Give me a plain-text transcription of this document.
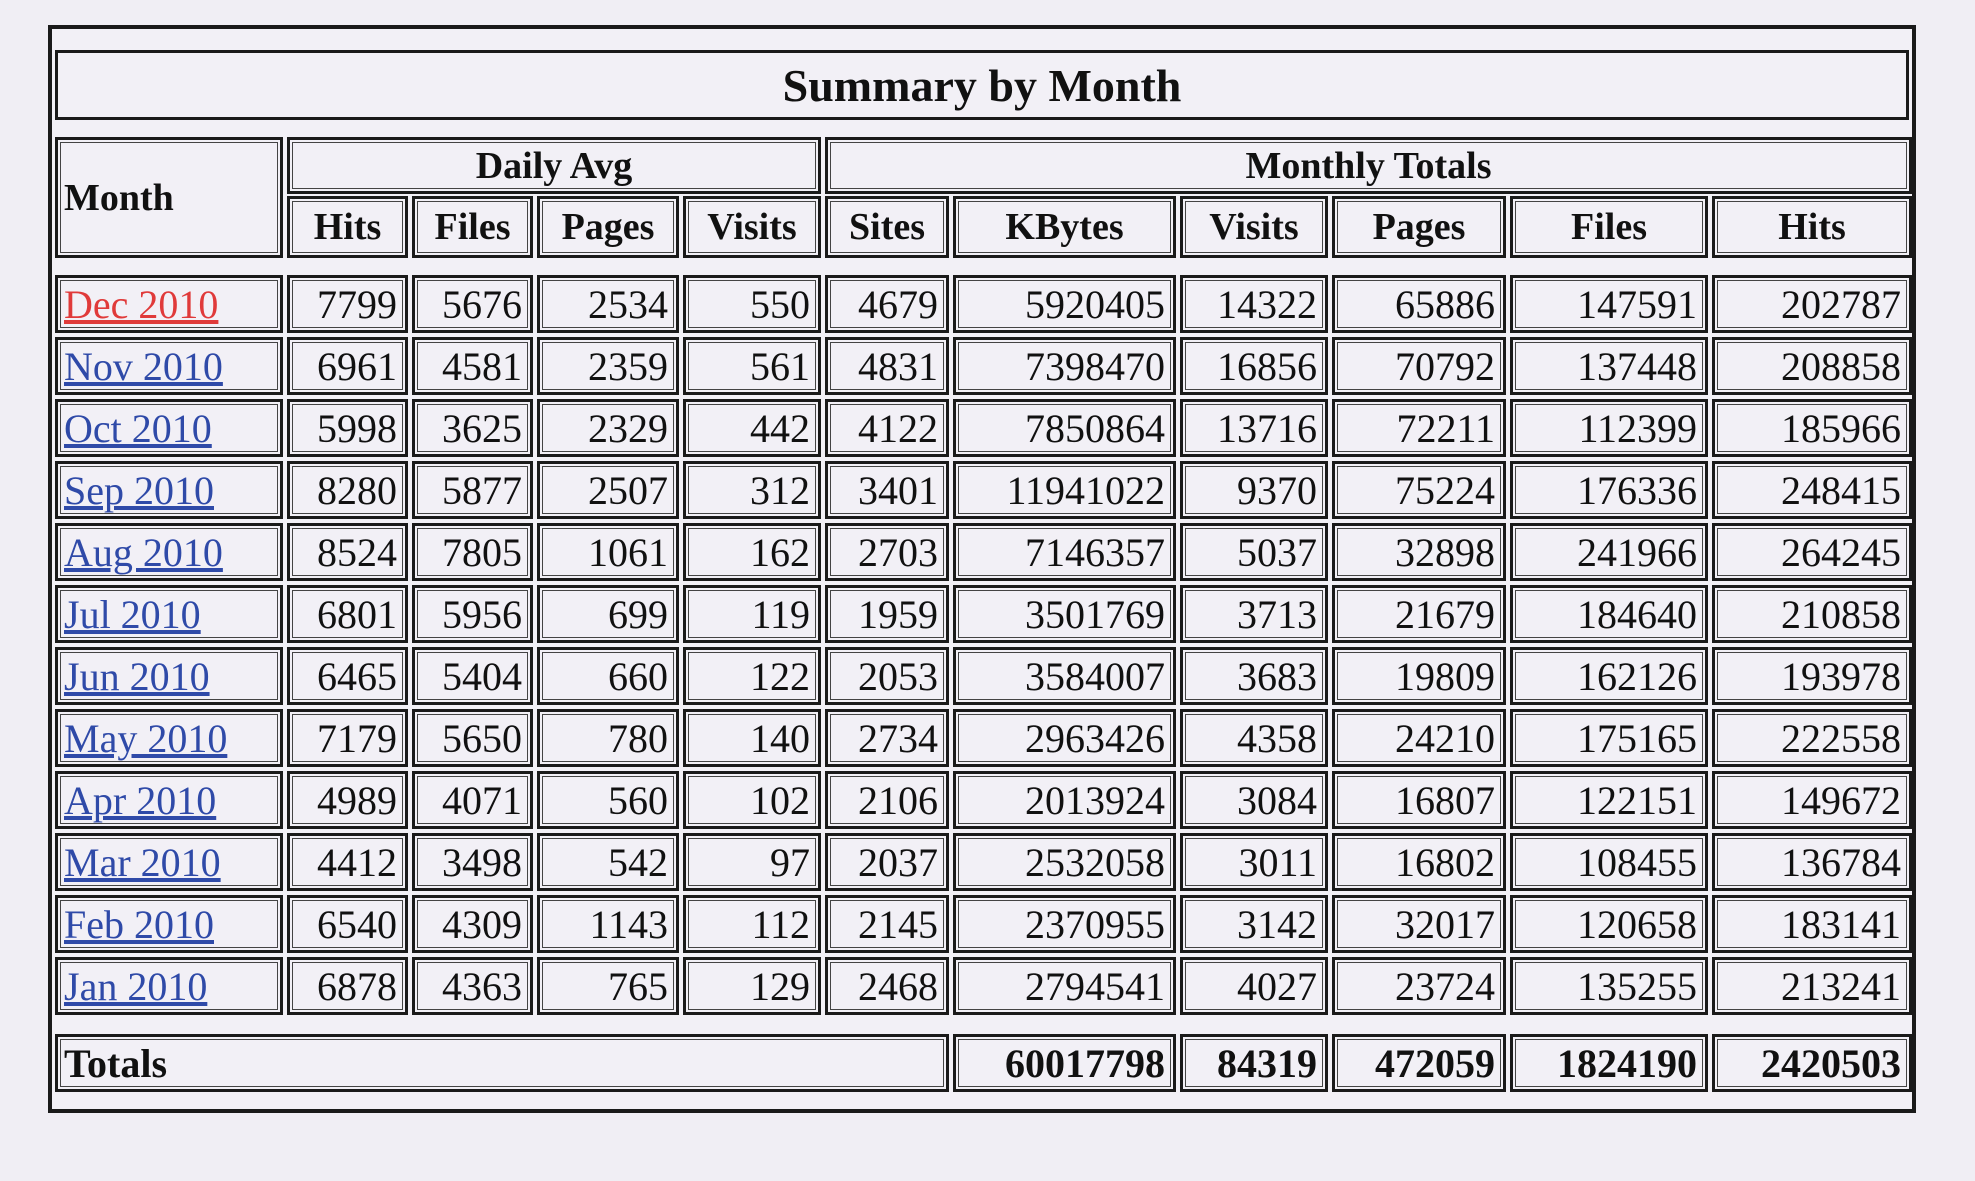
Summary by Month
Month
Daily Avg	Monthly Totals
Hits	Files	Pages	Visits	Sites	KBytes	Visits	Pages	Files	Hits
Dec 2010	7799	5676	2534	550	4679	5920405	14322	65886	147591	202787
Nov 2010	6961	4581	2359	561	4831	7398470	16856	70792	137448	208858
Oct 2010	5998	3625	2329	442	4122	7850864	13716	72211	112399	185966
Sep 2010	8280	5877	2507	312	3401	11941022	9370	75224	176336	248415
Aug 2010	8524	7805	1061	162	2703	7146357	5037	32898	241966	264245
Jul 2010	6801	5956	699	119	1959	3501769	3713	21679	184640	210858
Jun 2010	6465	5404	660	122	2053	3584007	3683	19809	162126	193978
May 2010	7179	5650	780	140	2734	2963426	4358	24210	175165	222558
Apr 2010	4989	4071	560	102	2106	2013924	3084	16807	122151	149672
Mar 2010	4412	3498	542	97	2037	2532058	3011	16802	108455	136784
Feb 2010	6540	4309	1143	112	2145	2370955	3142	32017	120658	183141
Jan 2010	6878	4363	765	129	2468	2794541	4027	23724	135255	213241
Totals	60017798	84319	472059	1824190	2420503
